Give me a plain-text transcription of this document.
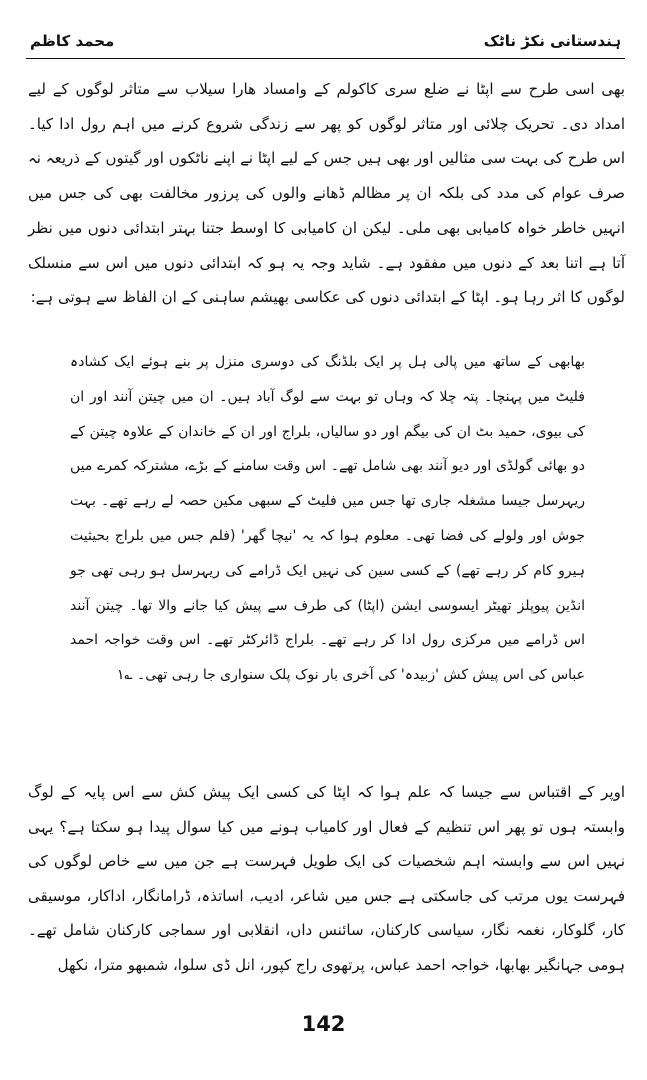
محمد کاظم	ہندستانی نکڑ ناٹک
بھی اسی طرح سے اپٹا نے ضلع سری کاکولم کے وامساد ھارا سیلاب سے متاثر لوگوں کے لیے امداد دی۔ تحریک چلائی اور متاثر لوگوں کو پھر سے زندگی شروع کرنے میں اہم رول ادا کیا۔ اس طرح کی بہت سی مثالیں اور بھی ہیں جس کے لیے اپٹا نے اپنے ناٹکوں اور گیتوں کے ذریعہ نہ صرف عوام کی مدد کی بلکہ ان پر مظالم ڈھانے والوں کی پرزور مخالفت بھی کی جس میں انہیں خاطر خواہ کامیابی بھی ملی۔ لیکن ان کامیابی کا اوسط جتنا بہتر ابتدائی دنوں میں نظر آتا ہے اتنا بعد کے دنوں میں مفقود ہے۔ شاید وجہ یہ ہو کہ ابتدائی دنوں میں اس سے منسلک لوگوں کا اثر رہا ہو۔ اپٹا کے ابتدائی دنوں کی عکاسی بھیشم ساہنی کے ان الفاظ سے ہوتی ہے:
بھابھی کے ساتھ میں پالی ہل پر ایک بلڈنگ کی دوسری منزل پر بنے ہوئے ایک کشادہ فلیٹ میں پہنچا۔ پتہ چلا کہ وہاں تو بہت سے لوگ آباد ہیں۔ ان میں چیتن آنند اور ان کی بیوی، حمید بٹ ان کی بیگم اور دو سالیاں، بلراج اور ان کے خاندان کے علاوہ چیتن کے دو بھائی گولڈی اور دیو آنند بھی شامل تھے۔ اس وقت سامنے کے بڑے، مشترکہ کمرے میں ریہرسل جیسا مشغلہ جاری تھا جس میں فلیٹ کے سبھی مکین حصہ لے رہے تھے۔ بہت جوش اور ولولے کی فضا تھی۔ معلوم ہوا کہ یہ 'نیچا گھر' (فلم جس میں بلراج بحیثیت ہیرو کام کر رہے تھے) کے کسی سین کی نہیں ایک ڈرامے کی ریہرسل ہو رہی تھی جو انڈین پیوپلز تھیٹر ایسوسی ایشن (اپٹا) کی طرف سے پیش کیا جانے والا تھا۔ چیتن آنند اس ڈرامے میں مرکزی رول ادا کر رہے تھے۔ بلراج ڈائرکٹر تھے۔ اس وقت خواجہ احمد عباس کی اس پیش کش 'زبیدہ' کی آخری بار نوک پلک سنواری جا رہی تھی۔ ؎۱
اوپر کے اقتباس سے جیسا کہ علم ہوا کہ اپٹا کی کسی ایک پیش کش سے اس پایہ کے لوگ وابستہ ہوں تو پھر اس تنظیم کے فعال اور کامیاب ہونے میں کیا سوال پیدا ہو سکتا ہے؟ یہی نہیں اس سے وابستہ اہم شخصیات کی ایک طویل فہرست ہے جن میں سے خاص لوگوں کی فہرست یوں مرتب کی جاسکتی ہے جس میں شاعر، ادیب، اساتذہ، ڈرامانگار، اداکار، موسیقی کار، گلوکار، نغمہ نگار، سیاسی کارکنان، سائنس داں، انقلابی اور سماجی کارکنان شامل تھے۔ ہومی جہانگیر بھابھا، خواجہ احمد عباس، پرتھوی راج کپور، انل ڈی سلوا، شمبھو مترا، نکھل
142
